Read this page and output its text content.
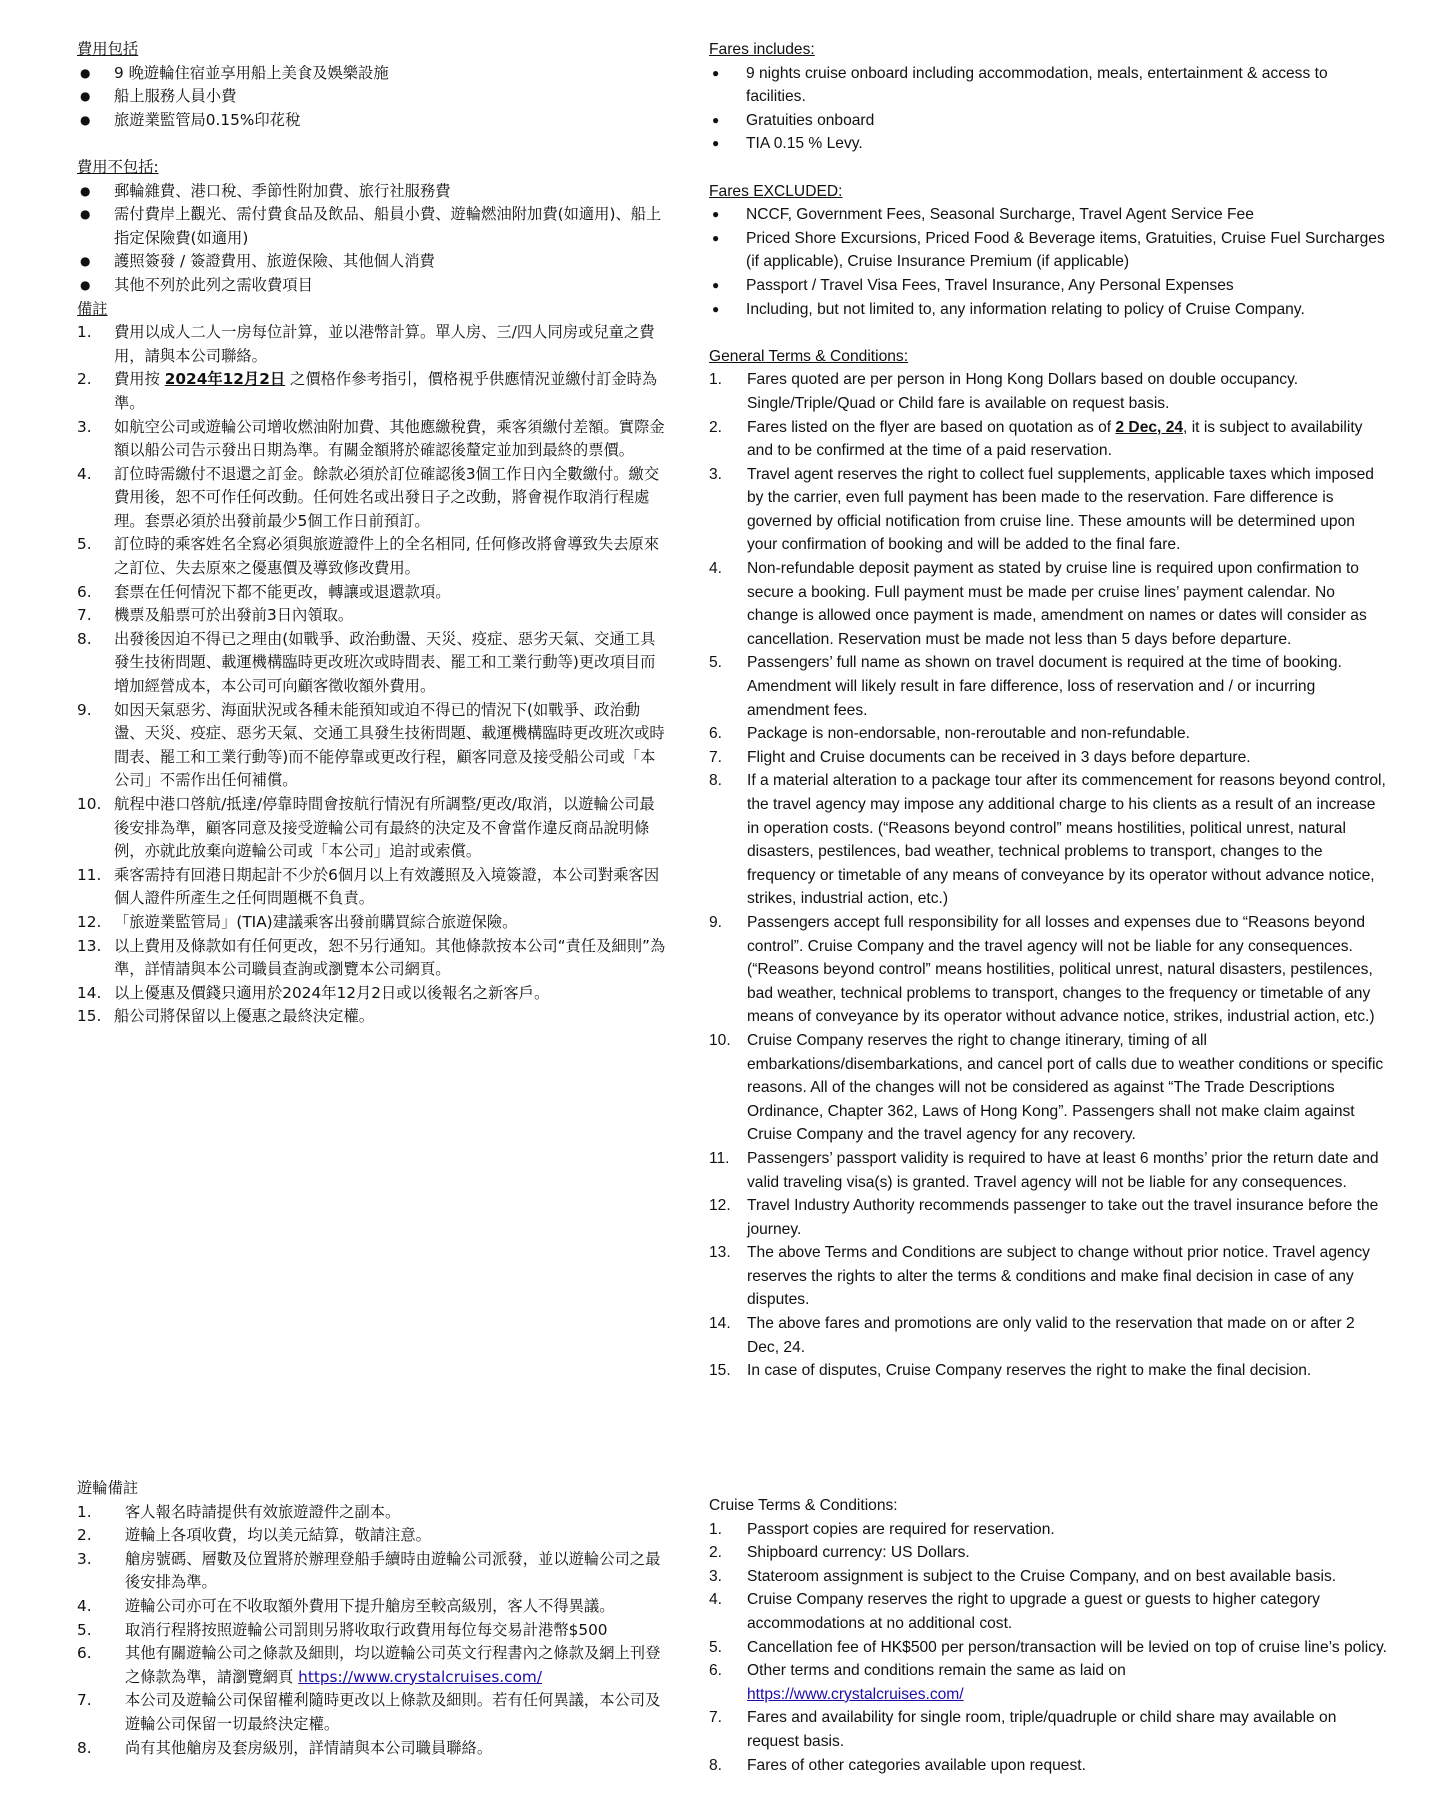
費用包括
● 9 晚遊輪住宿並享用船上美食及娛樂設施
● 船上服務人員小費
● 旅遊業監管局0.15%印花稅
費用不包括:
● 郵輪雜費、港口稅、季節性附加費、旅行社服務費
● 需付費岸上觀光、需付費食品及飲品、船員小費、遊輪燃油附加費(如適用)、船上指定保險費(如適用)
● 護照簽發 / 簽證費用、旅遊保險、其他個人消費
● 其他不列於此列之需收費項目
備註
1. 費用以成人二人一房每位計算，並以港幣計算。單人房、三/四人同房或兒童之費用，請與本公司聯絡。
2. 費用按 2024年12月2日 之價格作參考指引，價格視乎供應情況並繳付訂金時為準。
3. 如航空公司或遊輪公司增收燃油附加費、其他應繳稅費，乘客須繳付差額。實際金額以船公司告示發出日期為準。有關金額將於確認後釐定並加到最終的票價。
4. 訂位時需繳付不退還之訂金。餘款必須於訂位確認後3個工作日內全數繳付。繳交費用後，恕不可作任何改動。任何姓名或出發日子之改動，將會視作取消行程處理。套票必須於出發前最少5個工作日前預訂。
5. 訂位時的乘客姓名全寫必須與旅遊證件上的全名相同, 任何修改將會導致失去原來之訂位、失去原來之優惠價及導致修改費用。
6. 套票在任何情況下都不能更改，轉讓或退還款項。
7. 機票及船票可於出發前3日內領取。
8. 出發後因迫不得已之理由(如戰爭、政治動盪、天災、疫症、惡劣天氣、交通工具發生技術問題、載運機構臨時更改班次或時間表、罷工和工業行動等)更改項目而增加經營成本，本公司可向顧客徵收額外費用。
9. 如因天氣惡劣、海面狀況或各種未能預知或迫不得已的情況下(如戰爭、政治動盪、天災、疫症、惡劣天氣、交通工具發生技術問題、載運機構臨時更改班次或時間表、罷工和工業行動等)而不能停靠或更改行程，顧客同意及接受船公司或「本公司」不需作出任何補償。
10. 航程中港口啓航/抵達/停靠時間會按航行情況有所調整/更改/取消，以遊輪公司最後安排為準，顧客同意及接受遊輪公司有最終的決定及不會當作違反商品說明條例，亦就此放棄向遊輪公司或「本公司」追討或索償。
11. 乘客需持有回港日期起計不少於6個月以上有效護照及入境簽證，本公司對乘客因個人證件所產生之任何問題概不負責。
12. 「旅遊業監管局」(TIA)建議乘客出發前購買綜合旅遊保險。
13. 以上費用及條款如有任何更改，恕不另行通知。其他條款按本公司“責任及細則”為準，詳情請與本公司職員查詢或瀏覽本公司網頁。
14. 以上優惠及價錢只適用於2024年12月2日或以後報名之新客戶。
15. 船公司將保留以上優惠之最終決定權。
遊輪備註
1. 客人報名時請提供有效旅遊證件之副本。
2. 遊輪上各項收費，均以美元結算，敬請注意。
3. 艙房號碼、層數及位置將於辦理登船手續時由遊輪公司派發，並以遊輪公司之最後安排為準。
4. 遊輪公司亦可在不收取額外費用下提升艙房至較高級別，客人不得異議。
5. 取消行程將按照遊輪公司罰則另將收取行政費用每位每交易計港幣$500
6. 其他有關遊輪公司之條款及細則，均以遊輪公司英文行程書內之條款及網上刊登之條款為準，請瀏覽網頁 https://www.crystalcruises.com/
7. 本公司及遊輪公司保留權利隨時更改以上條款及細則。若有任何異議，本公司及遊輪公司保留一切最終決定權。
8. 尚有其他艙房及套房級別，詳情請與本公司職員聯絡。
Fares includes:
● 9 nights cruise onboard including accommodation, meals, entertainment & access to facilities.
● Gratuities onboard
● TIA 0.15 % Levy.
Fares EXCLUDED:
● NCCF, Government Fees, Seasonal Surcharge, Travel Agent Service Fee
● Priced Shore Excursions, Priced Food & Beverage items, Gratuities, Cruise Fuel Surcharges (if applicable), Cruise Insurance Premium (if applicable)
● Passport / Travel Visa Fees, Travel Insurance, Any Personal Expenses
● Including, but not limited to, any information relating to policy of Cruise Company.
General Terms & Conditions:
1. Fares quoted are per person in Hong Kong Dollars based on double occupancy. Single/Triple/Quad or Child fare is available on request basis.
2. Fares listed on the flyer are based on quotation as of 2 Dec, 24, it is subject to availability and to be confirmed at the time of a paid reservation.
3. Travel agent reserves the right to collect fuel supplements, applicable taxes which imposed by the carrier, even full payment has been made to the reservation. Fare difference is governed by official notification from cruise line. These amounts will be determined upon your confirmation of booking and will be added to the final fare.
4. Non-refundable deposit payment as stated by cruise line is required upon confirmation to secure a booking. Full payment must be made per cruise lines’ payment calendar. No change is allowed once payment is made, amendment on names or dates will consider as cancellation. Reservation must be made not less than 5 days before departure.
5. Passengers’ full name as shown on travel document is required at the time of booking. Amendment will likely result in fare difference, loss of reservation and / or incurring amendment fees.
6. Package is non-endorsable, non-reroutable and non-refundable.
7. Flight and Cruise documents can be received in 3 days before departure.
8. If a material alteration to a package tour after its commencement for reasons beyond control, the travel agency may impose any additional charge to his clients as a result of an increase in operation costs. (“Reasons beyond control” means hostilities, political unrest, natural disasters, pestilences, bad weather, technical problems to transport, changes to the frequency or timetable of any means of conveyance by its operator without advance notice, strikes, industrial action, etc.)
9. Passengers accept full responsibility for all losses and expenses due to “Reasons beyond control”. Cruise Company and the travel agency will not be liable for any consequences. (“Reasons beyond control” means hostilities, political unrest, natural disasters, pestilences, bad weather, technical problems to transport, changes to the frequency or timetable of any means of conveyance by its operator without advance notice, strikes, industrial action, etc.)
10. Cruise Company reserves the right to change itinerary, timing of all embarkations/disembarkations, and cancel port of calls due to weather conditions or specific reasons. All of the changes will not be considered as against “The Trade Descriptions Ordinance, Chapter 362, Laws of Hong Kong”. Passengers shall not make claim against Cruise Company and the travel agency for any recovery.
11. Passengers’ passport validity is required to have at least 6 months’ prior the return date and valid traveling visa(s) is granted. Travel agency will not be liable for any consequences.
12. Travel Industry Authority recommends passenger to take out the travel insurance before the journey.
13. The above Terms and Conditions are subject to change without prior notice. Travel agency reserves the rights to alter the terms & conditions and make final decision in case of any disputes.
14. The above fares and promotions are only valid to the reservation that made on or after 2 Dec, 24.
15. In case of disputes, Cruise Company reserves the right to make the final decision.
Cruise Terms & Conditions:
1. Passport copies are required for reservation.
2. Shipboard currency: US Dollars.
3. Stateroom assignment is subject to the Cruise Company, and on best available basis.
4. Cruise Company reserves the right to upgrade a guest or guests to higher category accommodations at no additional cost.
5. Cancellation fee of HK$500 per person/transaction will be levied on top of cruise line’s policy.
6. Other terms and conditions remain the same as laid on
https://www.crystalcruises.com/
7. Fares and availability for single room, triple/quadruple or child share may available on request basis.
8. Fares of other categories available upon request.
